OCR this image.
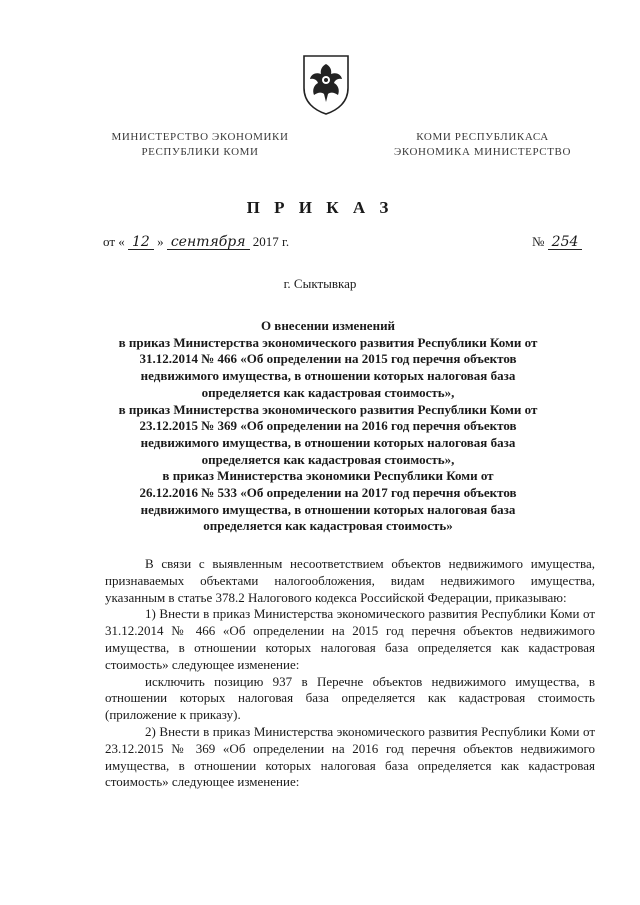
МИНИСТЕРСТВО ЭКОНОМИКИ
РЕСПУБЛИКИ КОМИ
КОМИ РЕСПУБЛИКАСА
ЭКОНОМИКА МИНИСТЕРСТВО
П Р И К А З
от « 12 » сентября 2017 г.	№ 254
г. Сыктывкар
О внесении изменений
в приказ Министерства экономического развития Республики Коми от
31.12.2014 № 466 «Об определении на 2015 год перечня объектов
недвижимого имущества, в отношении которых налоговая база
определяется как кадастровая стоимость»,
в приказ Министерства экономического развития Республики Коми от
23.12.2015 № 369 «Об определении на 2016 год перечня объектов
недвижимого имущества, в отношении которых налоговая база
определяется как кадастровая стоимость»,
в приказ Министерства экономики Республики Коми от
26.12.2016 № 533 «Об определении на 2017 год перечня объектов
недвижимого имущества, в отношении которых налоговая база
определяется как кадастровая стоимость»

В связи с выявленным несоответствием объектов недвижимого имущества, признаваемых объектами налогообложения, видам недвижимого имущества, указанным в статье 378.2 Налогового кодекса Российской Федерации, приказываю:

1) Внести в приказ Министерства экономического развития Республики Коми от 31.12.2014 № 466 «Об определении на 2015 год перечня объектов недвижимого имущества, в отношении которых налоговая база определяется как кадастровая стоимость» следующее изменение:

исключить позицию 937 в Перечне объектов недвижимого имущества, в отношении которых налоговая база определяется как кадастровая стоимость (приложение к приказу).

2) Внести в приказ Министерства экономического развития Республики Коми от 23.12.2015 № 369 «Об определении на 2016 год перечня объектов недвижимого имущества, в отношении которых налоговая база определяется как кадастровая стоимость» следующее изменение:
